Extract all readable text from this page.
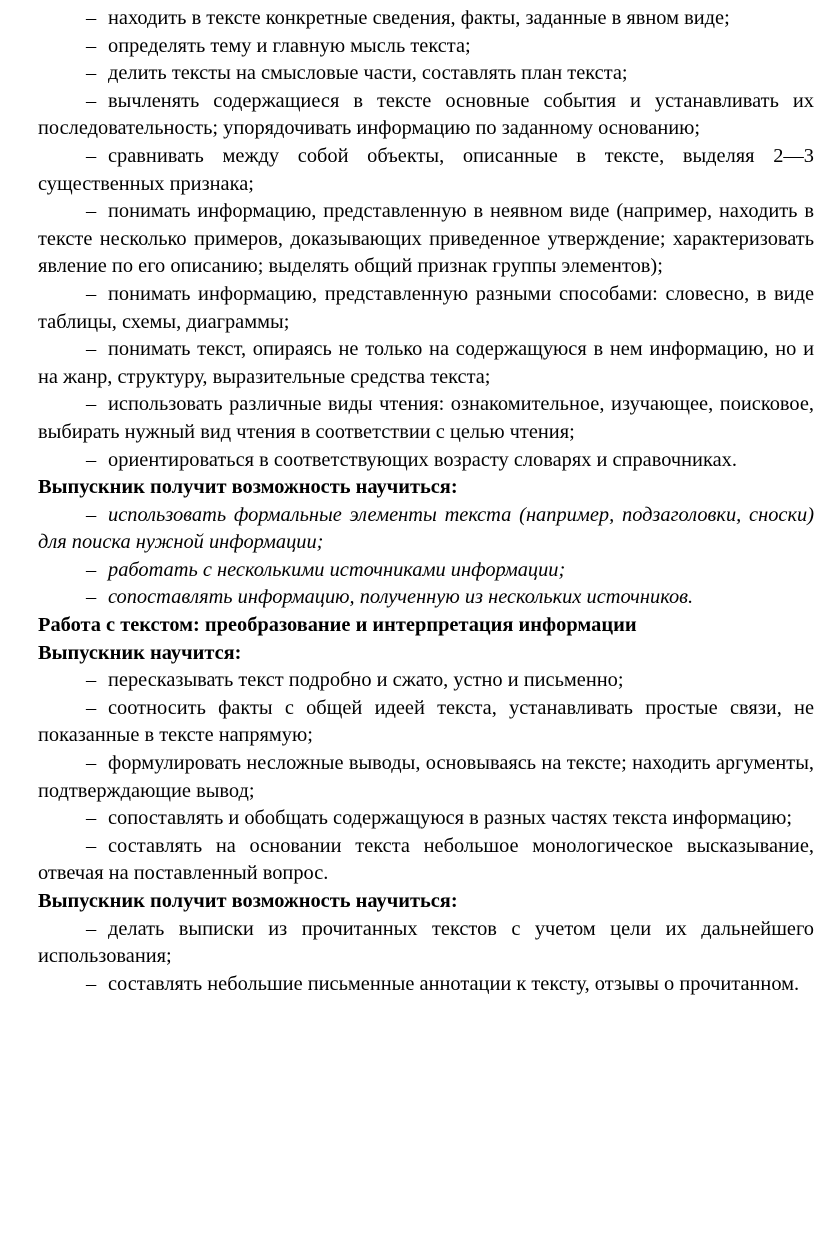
– находить в тексте конкретные сведения, факты, заданные в явном виде;

– определять тему и главную мысль текста;

– делить тексты на смысловые части, составлять план текста;

– вычленять содержащиеся в тексте основные события и устанавливать их последовательность; упорядочивать информацию по заданному основанию;

– сравнивать между собой объекты, описанные в тексте, выделяя 2—3 существенных признака;

– понимать информацию, представленную в неявном виде (например, находить в тексте несколько примеров, доказывающих приведенное утверждение; характеризовать явление по его описанию; выделять общий признак группы элементов);

– понимать информацию, представленную разными способами: словесно, в виде таблицы, схемы, диаграммы;

– понимать текст, опираясь не только на содержащуюся в нем информацию, но и на жанр, структуру, выразительные средства текста;

– использовать различные виды чтения: ознакомительное, изучающее, поисковое, выбирать нужный вид чтения в соответствии с целью чтения;

– ориентироваться в соответствующих возрасту словарях и справочниках.

Выпускник получит возможность научиться:

– использовать формальные элементы текста (например, подзаголовки, сноски) для поиска нужной информации;

– работать с несколькими источниками информации;

– сопоставлять информацию, полученную из нескольких источников.

Работа с текстом: преобразование и интерпретация информации

Выпускник научится:

– пересказывать текст подробно и сжато, устно и письменно;

– соотносить факты с общей идеей текста, устанавливать простые связи, не показанные в тексте напрямую;

– формулировать несложные выводы, основываясь на тексте; находить аргументы, подтверждающие вывод;

– сопоставлять и обобщать содержащуюся в разных частях текста информацию;

– составлять на основании текста небольшое монологическое высказывание, отвечая на поставленный вопрос.

Выпускник получит возможность научиться:

– делать выписки из прочитанных текстов с учетом цели их дальнейшего использования;

– составлять небольшие письменные аннотации к тексту, отзывы о прочитанном.
